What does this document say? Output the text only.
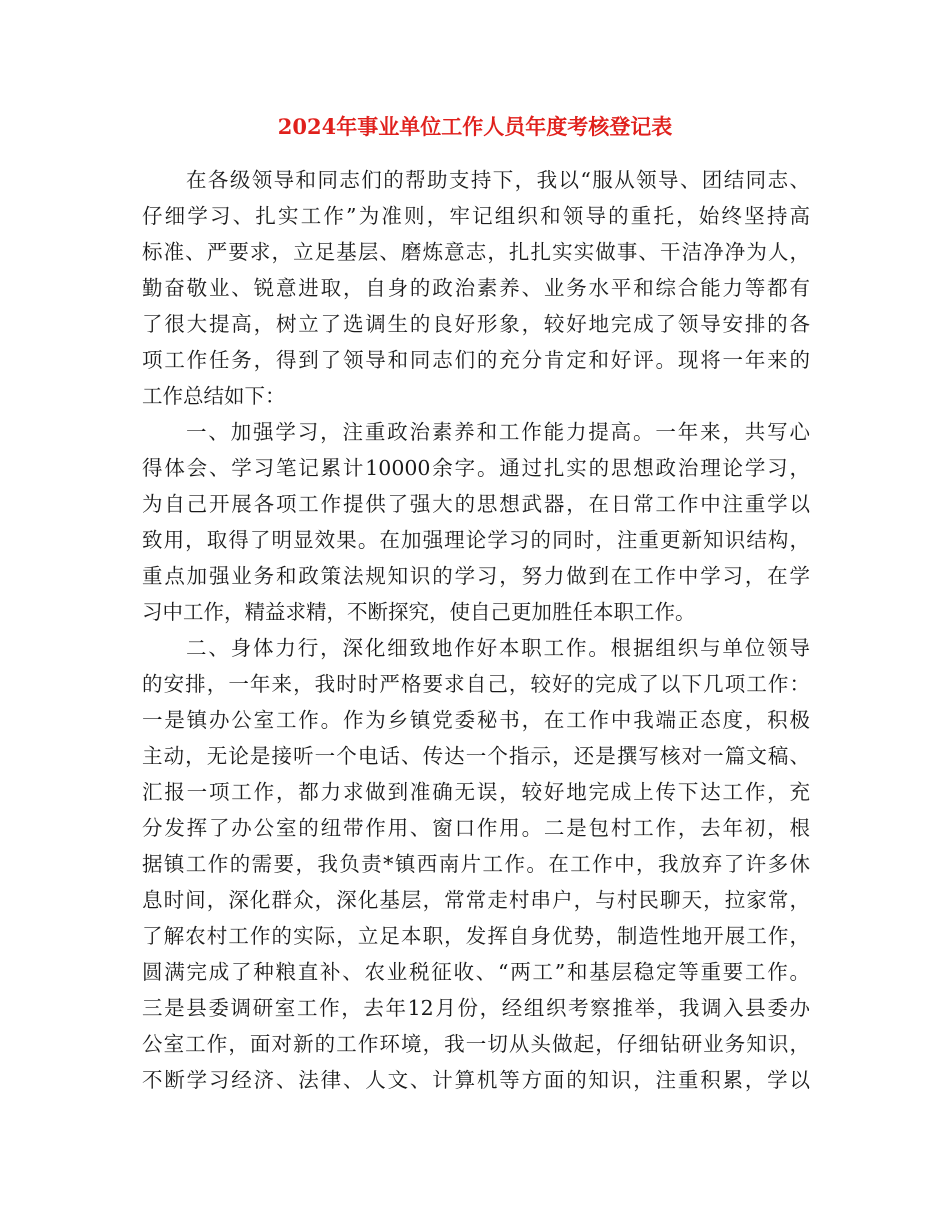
2024年事业单位工作人员年度考核登记表
在各级领导和同志们的帮助支持下，我以“服从领导、团结同志、
仔细学习、扎实工作”为准则，牢记组织和领导的重托，始终坚持高
标准、严要求，立足基层、磨炼意志，扎扎实实做事、干洁净净为人，
勤奋敬业、锐意进取，自身的政治素养、业务水平和综合能力等都有
了很大提高，树立了选调生的良好形象，较好地完成了领导安排的各
项工作任务，得到了领导和同志们的充分肯定和好评。现将一年来的
工作总结如下：
一、加强学习，注重政治素养和工作能力提高。一年来，共写心
得体会、学习笔记累计10000余字。通过扎实的思想政治理论学习，
为自己开展各项工作提供了强大的思想武器，在日常工作中注重学以
致用，取得了明显效果。在加强理论学习的同时，注重更新知识结构，
重点加强业务和政策法规知识的学习，努力做到在工作中学习，在学
习中工作，精益求精，不断探究，使自己更加胜任本职工作。
二、身体力行，深化细致地作好本职工作。根据组织与单位领导
的安排，一年来，我时时严格要求自己，较好的完成了以下几项工作：
一是镇办公室工作。作为乡镇党委秘书，在工作中我端正态度，积极
主动，无论是接听一个电话、传达一个指示，还是撰写核对一篇文稿、
汇报一项工作，都力求做到准确无误，较好地完成上传下达工作，充
分发挥了办公室的纽带作用、窗口作用。二是包村工作，去年初，根
据镇工作的需要，我负责*镇西南片工作。在工作中，我放弃了许多休
息时间，深化群众，深化基层，常常走村串户，与村民聊天，拉家常，
了解农村工作的实际，立足本职，发挥自身优势，制造性地开展工作，
圆满完成了种粮直补、农业税征收、“两工”和基层稳定等重要工作。
三是县委调研室工作，去年12月份，经组织考察推举，我调入县委办
公室工作，面对新的工作环境，我一切从头做起，仔细钻研业务知识，
不断学习经济、法律、人文、计算机等方面的知识，注重积累，学以
